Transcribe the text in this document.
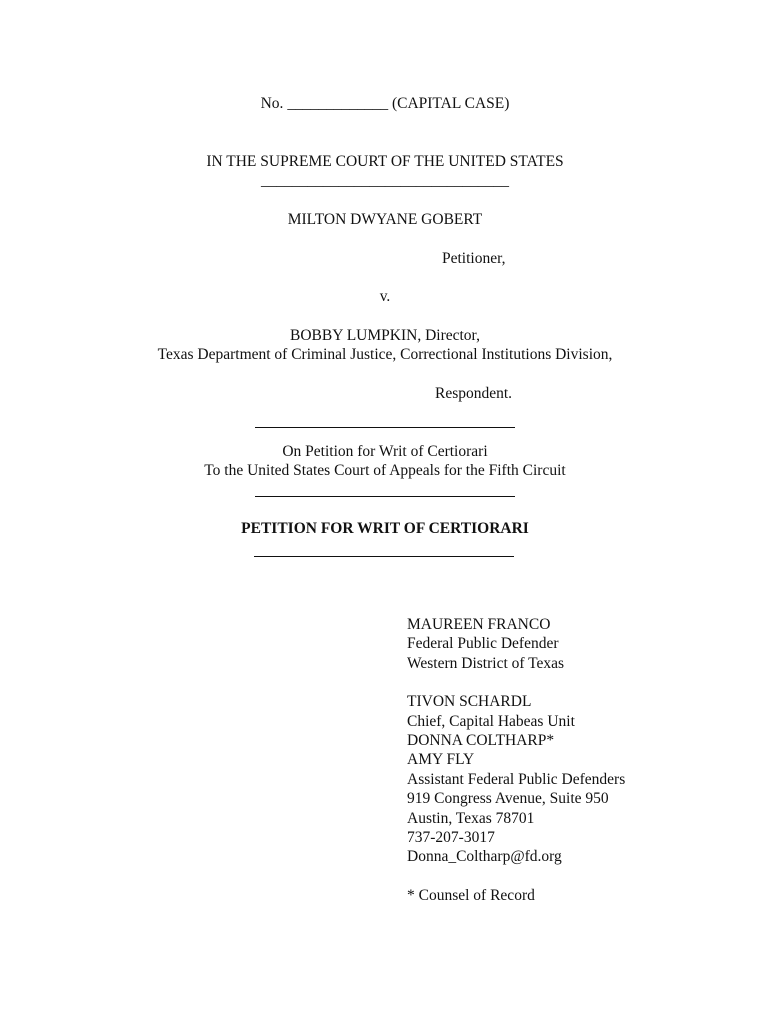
No. _____________ (CAPITAL CASE)
IN THE SUPREME COURT OF THE UNITED STATES
________________________________
MILTON DWYANE GOBERT
Petitioner,
v.
BOBBY LUMPKIN, Director,
Texas Department of Criminal Justice, Correctional Institutions Division,
Respondent.
On Petition for Writ of Certiorari
To the United States Court of Appeals for the Fifth Circuit
PETITION FOR WRIT OF CERTIORARI
MAUREEN FRANCO
Federal Public Defender
Western District of Texas
TIVON SCHARDL
Chief, Capital Habeas Unit
DONNA COLTHARP*
AMY FLY
Assistant Federal Public Defenders
919 Congress Avenue, Suite 950
Austin, Texas 78701
737-207-3017
Donna_Coltharp@fd.org
* Counsel of Record
